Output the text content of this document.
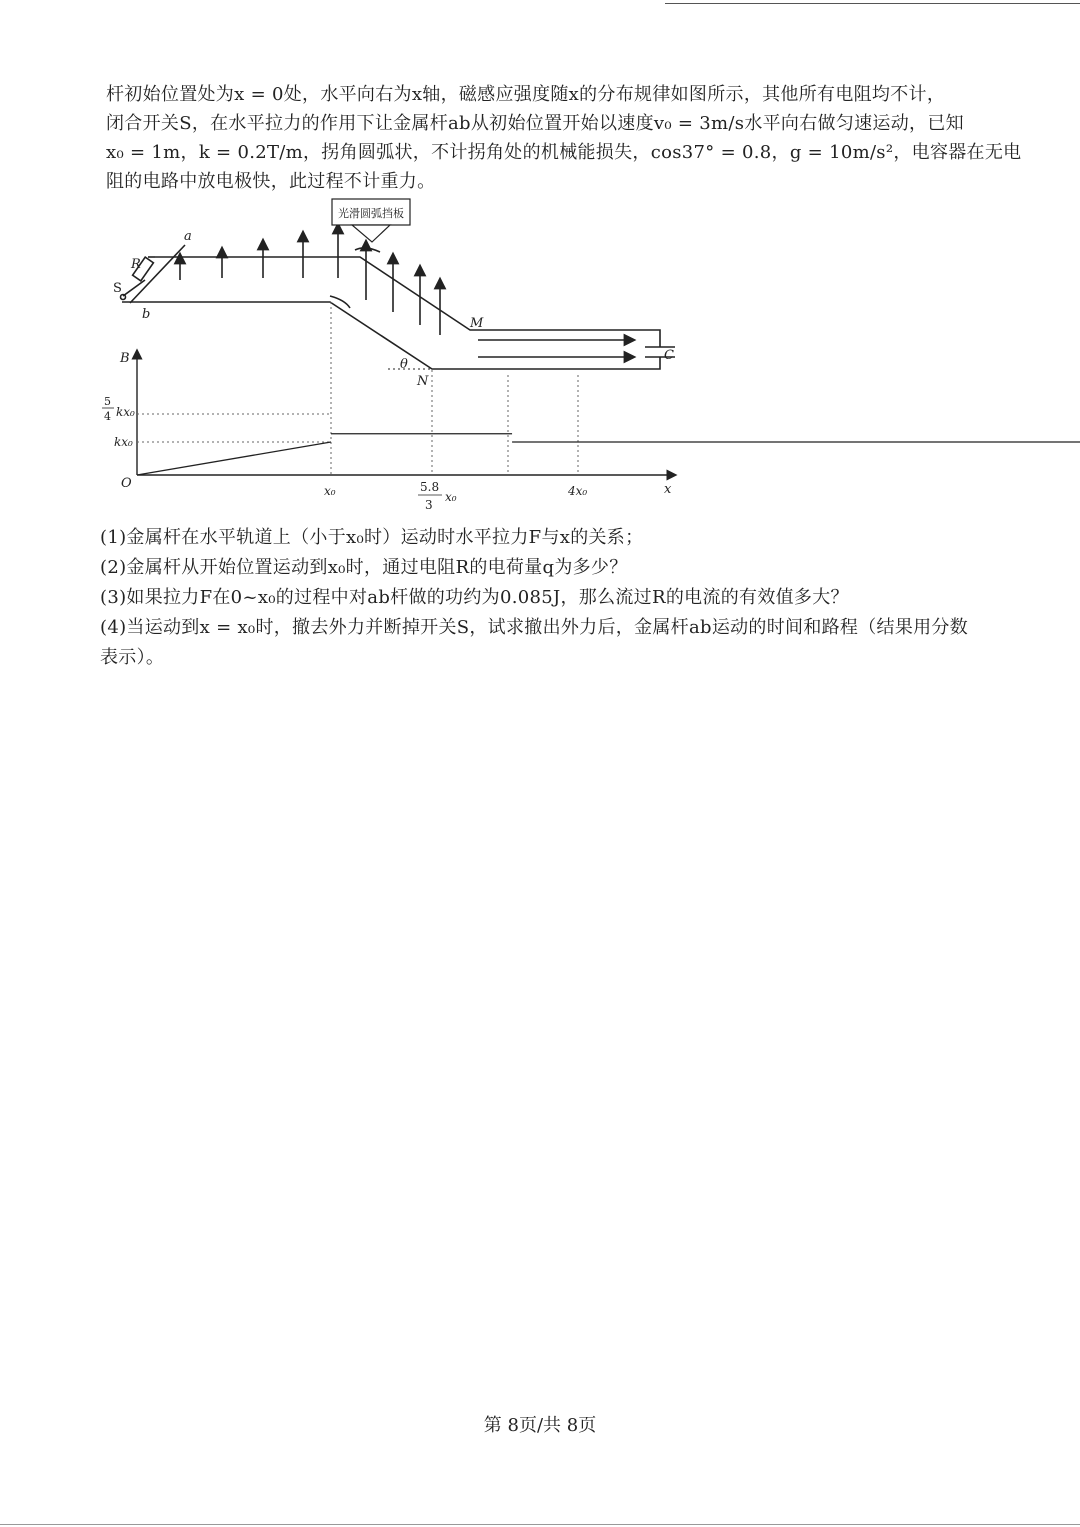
杆初始位置处为x = 0处，水平向右为x轴，磁感应强度随x的分布规律如图所示，其他所有电阻均不计，

闭合开关S，在水平拉力的作用下让金属杆ab从初始位置开始以速度v₀ = 3m/s水平向右做匀速运动，已知

x₀ = 1m，k = 0.2T/m，拐角圆弧状，不计拐角处的机械能损失，cos37° = 0.8，g = 10m/s²，电容器在无电

阻的电路中放电极快，此过程不计重力。

光滑圆弧挡板
a
b
R
S
M
N
C
θ
B
x
O
kx₀
5
4 kx₀
x₀	5.8
3
x₀	4x₀

(1)金属杆在水平轨道上（小于x₀时）运动时水平拉力F与x的关系；

(2)金属杆从开始位置运动到x₀时，通过电阻R的电荷量q为多少？

(3)如果拉力F在0~x₀的过程中对ab杆做的功约为0.085J，那么流过R的电流的有效值多大？

(4)当运动到x = x₀时，撤去外力并断掉开关S，试求撤出外力后，金属杆ab运动的时间和路程（结果用分数

表示）。

第 8页/共 8页
